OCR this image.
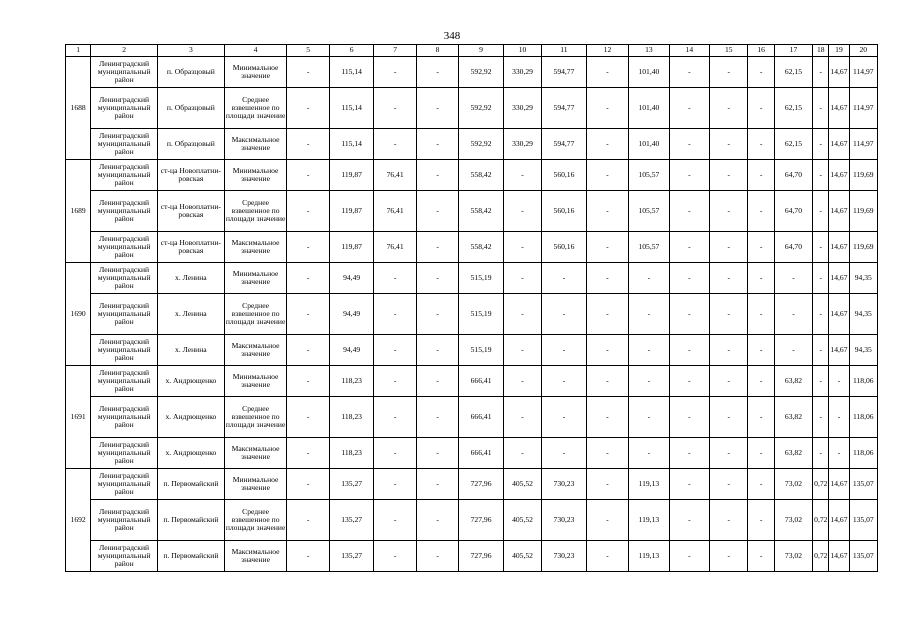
348
1	2	3	4	5	6	7	8	9	10	11	12	13	14	15	16	17	18	19	20
1688	Ленинградский муниципальный район	п. Образцовый	Минимальное значение	-	115,14	-	-	592,92	330,29	594,77	-	101,40	-	-	-	62,15	-	14,67	114,97
	Ленинградский муниципальный район	п. Образцовый	Среднее взвешенное по площади значение	-	115,14	-	-	592,92	330,29	594,77	-	101,40	-	-	-	62,15	-	14,67	114,97
	Ленинградский муниципальный район	п. Образцовый	Максимальное значение	-	115,14	-	-	592,92	330,29	594,77	-	101,40	-	-	-	62,15	-	14,67	114,97
1689	Ленинградский муниципальный район	ст-ца Новоплатни-ровская	Минимальное значение	-	119,87	76,41	-	558,42	-	560,16	-	105,57	-	-	-	64,70	-	14,67	119,69
	Ленинградский муниципальный район	ст-ца Новоплатни-ровская	Среднее взвешенное по площади значение	-	119,87	76,41	-	558,42	-	560,16	-	105,57	-	-	-	64,70	-	14,67	119,69
	Ленинградский муниципальный район	ст-ца Новоплатни-ровская	Максимальное значение	-	119,87	76,41	-	558,42	-	560,16	-	105,57	-	-	-	64,70	-	14,67	119,69
1690	Ленинградский муниципальный район	х. Ленина	Минимальное значение	-	94,49	-	-	515,19	-	-	-	-	-	-	-	-	-	14,67	94,35
	Ленинградский муниципальный район	х. Ленина	Среднее взвешенное по площади значение	-	94,49	-	-	515,19	-	-	-	-	-	-	-	-	-	14,67	94,35
	Ленинградский муниципальный район	х. Ленина	Максимальное значение	-	94,49	-	-	515,19	-	-	-	-	-	-	-	-	-	14,67	94,35
1691	Ленинградский муниципальный район	х. Андрющенко	Минимальное значение	-	118,23	-	-	666,41	-	-	-	-	-	-	-	63,82	-	-	118,06
	Ленинградский муниципальный район	х. Андрющенко	Среднее взвешенное по площади значение	-	118,23	-	-	666,41	-	-	-	-	-	-	-	63,82	-	-	118,06
	Ленинградский муниципальный район	х. Андрющенко	Максимальное значение	-	118,23	-	-	666,41	-	-	-	-	-	-	-	63,82	-	-	118,06
1692	Ленинградский муниципальный район	п. Первомайский	Минимальное значение	-	135,27	-	-	727,96	405,52	730,23	-	119,13	-	-	-	73,02	0,72	14,67	135,07
	Ленинградский муниципальный район	п. Первомайский	Среднее взвешенное по площади значение	-	135,27	-	-	727,96	405,52	730,23	-	119,13	-	-	-	73,02	0,72	14,67	135,07
	Ленинградский муниципальный район	п. Первомайский	Максимальное значение	-	135,27	-	-	727,96	405,52	730,23	-	119,13	-	-	-	73,02	0,72	14,67	135,07
